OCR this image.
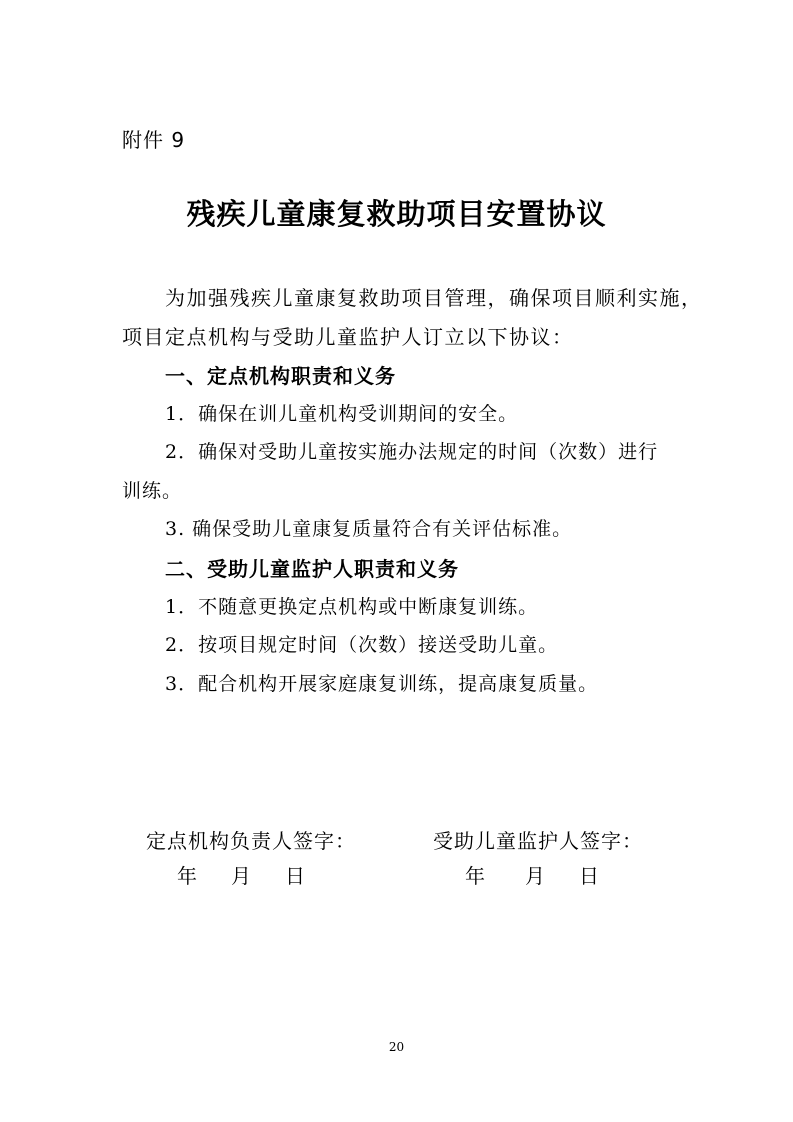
附件 9
残疾儿童康复救助项目安置协议
为加强残疾儿童康复救助项目管理，确保项目顺利实施，
项目定点机构与受助儿童监护人订立以下协议：
一、定点机构职责和义务
1．确保在训儿童机构受训期间的安全。
2．确保对受助儿童按实施办法规定的时间（次数）进行
训练。
3. 确保受助儿童康复质量符合有关评估标准。
二、受助儿童监护人职责和义务
1．不随意更换定点机构或中断康复训练。
2．按项目规定时间（次数）接送受助儿童。
3．配合机构开展家庭康复训练，提高康复质量。
定点机构负责人签字：	受助儿童监护人签字：
年 月 日	年 月 日
20
